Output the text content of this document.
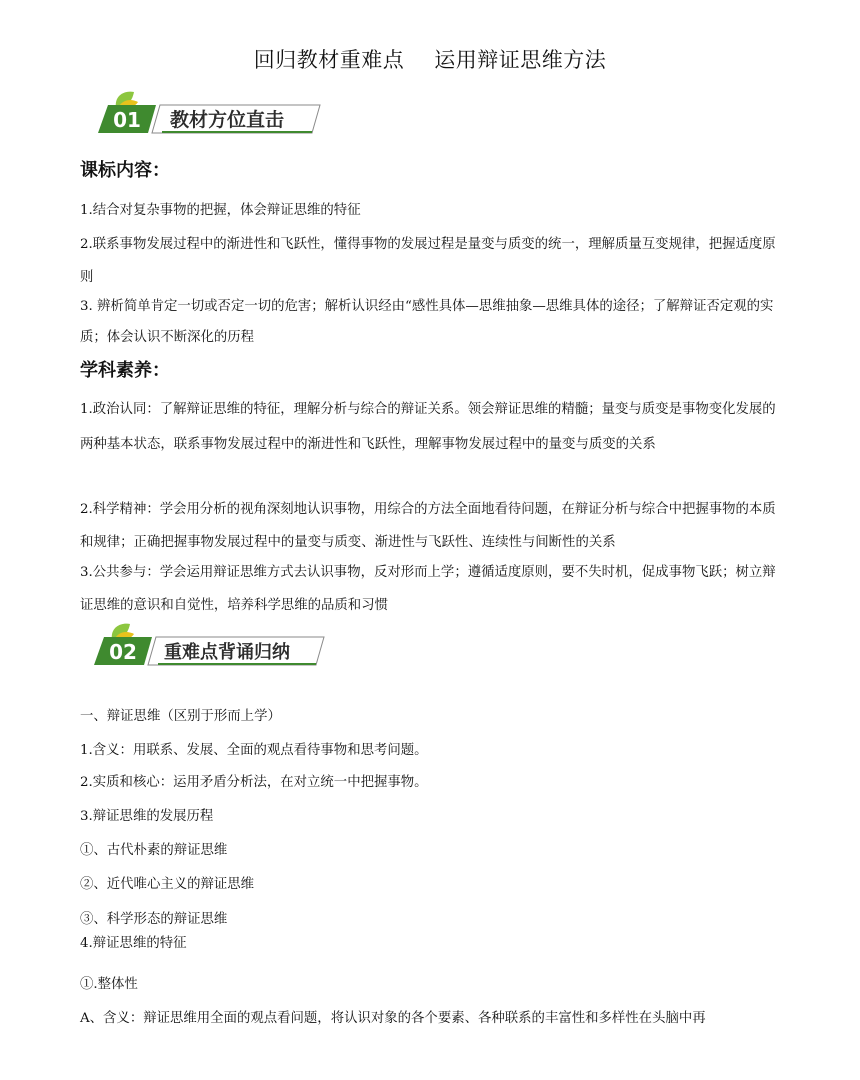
回归教材重难点 运用辩证思维方法
01 教材方位直击
课标内容：

1.结合对复杂事物的把握，体会辩证思维的特征

2.联系事物发展过程中的渐进性和飞跃性，懂得事物的发展过程是量变与质变的统一，理解质量互变规律，把握适度原则

3. 辨析简单肯定一切或否定一切的危害；解析认识经由“感性具体—思维抽象—思维具体的途径；了解辩证否定观的实质；体会认识不断深化的历程

学科素养：

1.政治认同：了解辩证思维的特征，理解分析与综合的辩证关系。领会辩证思维的精髓；量变与质变是事物变化发展的两种基本状态，联系事物发展过程中的渐进性和飞跃性，理解事物发展过程中的量变与质变的关系

2.科学精神：学会用分析的视角深刻地认识事物，用综合的方法全面地看待问题，在辩证分析与综合中把握事物的本质和规律；正确把握事物发展过程中的量变与质变、渐进性与飞跃性、连续性与间断性的关系

3.公共参与：学会运用辩证思维方式去认识事物，反对形而上学；遵循适度原则，要不失时机，促成事物飞跃；树立辩证思维的意识和自觉性，培养科学思维的品质和习惯

02 重难点背诵归纳

一、辩证思维（区别于形而上学）

1.含义：用联系、发展、全面的观点看待事物和思考问题。

2.实质和核心：运用矛盾分析法，在对立统一中把握事物。

3.辩证思维的发展历程

①、古代朴素的辩证思维

②、近代唯心主义的辩证思维

③、科学形态的辩证思维

4.辩证思维的特征

①.整体性

A、含义：辩证思维用全面的观点看问题，将认识对象的各个要素、各种联系的丰富性和多样性在头脑中再
